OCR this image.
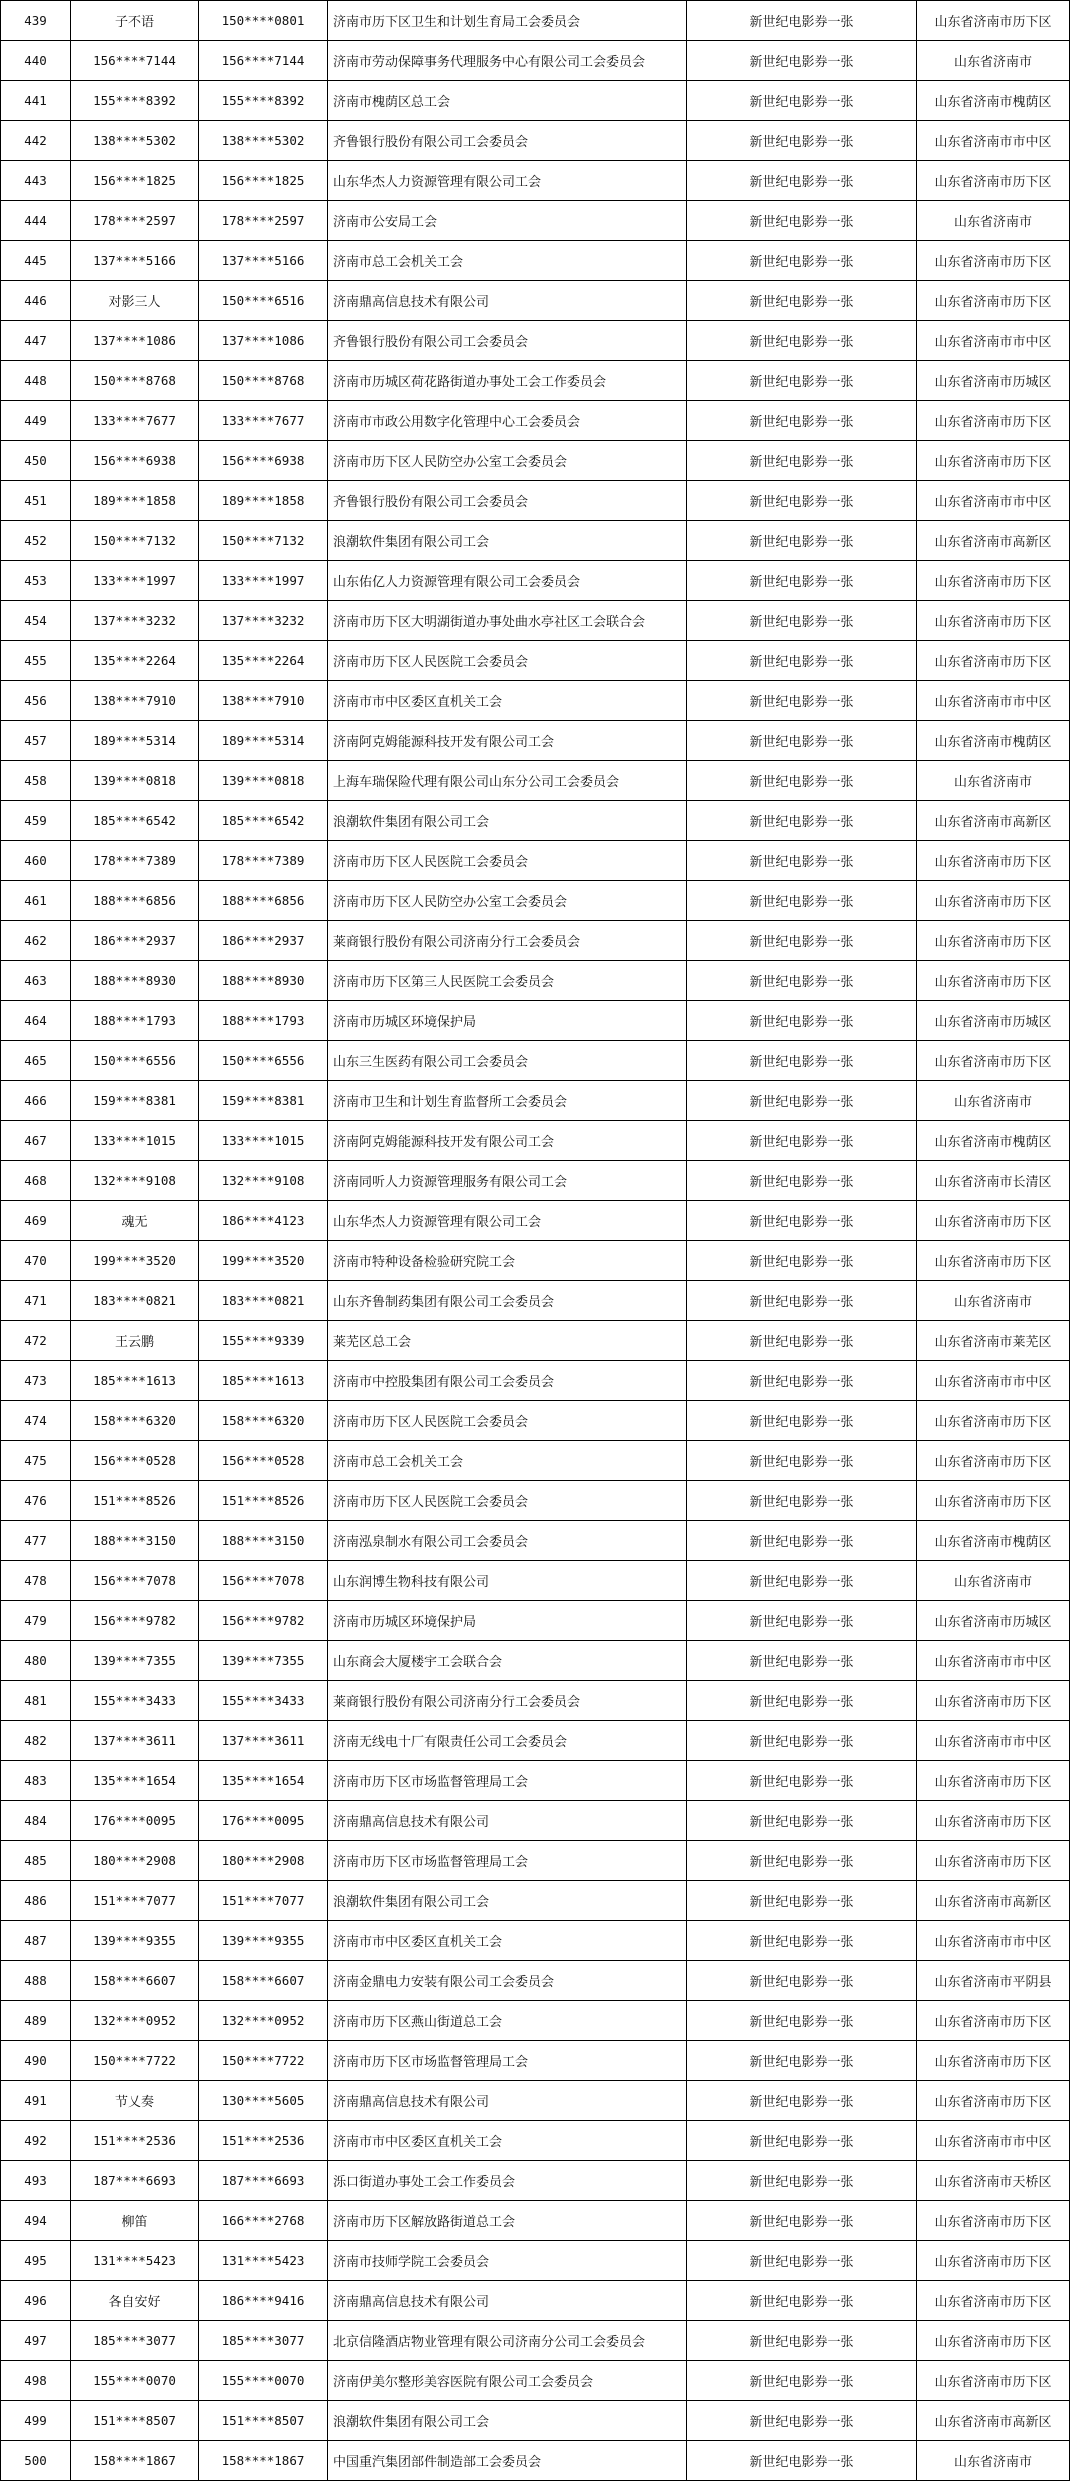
439	子不语	150****0801	济南市历下区卫生和计划生育局工会委员会	新世纪电影券一张	山东省济南市历下区
440	156****7144	156****7144	济南市劳动保障事务代理服务中心有限公司工会委员会	新世纪电影券一张	山东省济南市
441	155****8392	155****8392	济南市槐荫区总工会	新世纪电影券一张	山东省济南市槐荫区
442	138****5302	138****5302	齐鲁银行股份有限公司工会委员会	新世纪电影券一张	山东省济南市市中区
443	156****1825	156****1825	山东华杰人力资源管理有限公司工会	新世纪电影券一张	山东省济南市历下区
444	178****2597	178****2597	济南市公安局工会	新世纪电影券一张	山东省济南市
445	137****5166	137****5166	济南市总工会机关工会	新世纪电影券一张	山东省济南市历下区
446	对影三人	150****6516	济南鼎高信息技术有限公司	新世纪电影券一张	山东省济南市历下区
447	137****1086	137****1086	齐鲁银行股份有限公司工会委员会	新世纪电影券一张	山东省济南市市中区
448	150****8768	150****8768	济南市历城区荷花路街道办事处工会工作委员会	新世纪电影券一张	山东省济南市历城区
449	133****7677	133****7677	济南市市政公用数字化管理中心工会委员会	新世纪电影券一张	山东省济南市历下区
450	156****6938	156****6938	济南市历下区人民防空办公室工会委员会	新世纪电影券一张	山东省济南市历下区
451	189****1858	189****1858	齐鲁银行股份有限公司工会委员会	新世纪电影券一张	山东省济南市市中区
452	150****7132	150****7132	浪潮软件集团有限公司工会	新世纪电影券一张	山东省济南市高新区
453	133****1997	133****1997	山东佑亿人力资源管理有限公司工会委员会	新世纪电影券一张	山东省济南市历下区
454	137****3232	137****3232	济南市历下区大明湖街道办事处曲水亭社区工会联合会	新世纪电影券一张	山东省济南市历下区
455	135****2264	135****2264	济南市历下区人民医院工会委员会	新世纪电影券一张	山东省济南市历下区
456	138****7910	138****7910	济南市市中区委区直机关工会	新世纪电影券一张	山东省济南市市中区
457	189****5314	189****5314	济南阿克姆能源科技开发有限公司工会	新世纪电影券一张	山东省济南市槐荫区
458	139****0818	139****0818	上海车瑞保险代理有限公司山东分公司工会委员会	新世纪电影券一张	山东省济南市
459	185****6542	185****6542	浪潮软件集团有限公司工会	新世纪电影券一张	山东省济南市高新区
460	178****7389	178****7389	济南市历下区人民医院工会委员会	新世纪电影券一张	山东省济南市历下区
461	188****6856	188****6856	济南市历下区人民防空办公室工会委员会	新世纪电影券一张	山东省济南市历下区
462	186****2937	186****2937	莱商银行股份有限公司济南分行工会委员会	新世纪电影券一张	山东省济南市历下区
463	188****8930	188****8930	济南市历下区第三人民医院工会委员会	新世纪电影券一张	山东省济南市历下区
464	188****1793	188****1793	济南市历城区环境保护局	新世纪电影券一张	山东省济南市历城区
465	150****6556	150****6556	山东三生医药有限公司工会委员会	新世纪电影券一张	山东省济南市历下区
466	159****8381	159****8381	济南市卫生和计划生育监督所工会委员会	新世纪电影券一张	山东省济南市
467	133****1015	133****1015	济南阿克姆能源科技开发有限公司工会	新世纪电影券一张	山东省济南市槐荫区
468	132****9108	132****9108	济南同听人力资源管理服务有限公司工会	新世纪电影券一张	山东省济南市长清区
469	魂无	186****4123	山东华杰人力资源管理有限公司工会	新世纪电影券一张	山东省济南市历下区
470	199****3520	199****3520	济南市特种设备检验研究院工会	新世纪电影券一张	山东省济南市历下区
471	183****0821	183****0821	山东齐鲁制药集团有限公司工会委员会	新世纪电影券一张	山东省济南市
472	王云鹏	155****9339	莱芜区总工会	新世纪电影券一张	山东省济南市莱芜区
473	185****1613	185****1613	济南市中控股集团有限公司工会委员会	新世纪电影券一张	山东省济南市市中区
474	158****6320	158****6320	济南市历下区人民医院工会委员会	新世纪电影券一张	山东省济南市历下区
475	156****0528	156****0528	济南市总工会机关工会	新世纪电影券一张	山东省济南市历下区
476	151****8526	151****8526	济南市历下区人民医院工会委员会	新世纪电影券一张	山东省济南市历下区
477	188****3150	188****3150	济南泓泉制水有限公司工会委员会	新世纪电影券一张	山东省济南市槐荫区
478	156****7078	156****7078	山东润博生物科技有限公司	新世纪电影券一张	山东省济南市
479	156****9782	156****9782	济南市历城区环境保护局	新世纪电影券一张	山东省济南市历城区
480	139****7355	139****7355	山东商会大厦楼宇工会联合会	新世纪电影券一张	山东省济南市市中区
481	155****3433	155****3433	莱商银行股份有限公司济南分行工会委员会	新世纪电影券一张	山东省济南市历下区
482	137****3611	137****3611	济南无线电十厂有限责任公司工会委员会	新世纪电影券一张	山东省济南市市中区
483	135****1654	135****1654	济南市历下区市场监督管理局工会	新世纪电影券一张	山东省济南市历下区
484	176****0095	176****0095	济南鼎高信息技术有限公司	新世纪电影券一张	山东省济南市历下区
485	180****2908	180****2908	济南市历下区市场监督管理局工会	新世纪电影券一张	山东省济南市历下区
486	151****7077	151****7077	浪潮软件集团有限公司工会	新世纪电影券一张	山东省济南市高新区
487	139****9355	139****9355	济南市市中区委区直机关工会	新世纪电影券一张	山东省济南市市中区
488	158****6607	158****6607	济南金鼎电力安装有限公司工会委员会	新世纪电影券一张	山东省济南市平阴县
489	132****0952	132****0952	济南市历下区燕山街道总工会	新世纪电影券一张	山东省济南市历下区
490	150****7722	150****7722	济南市历下区市场监督管理局工会	新世纪电影券一张	山东省济南市历下区
491	节乂奏	130****5605	济南鼎高信息技术有限公司	新世纪电影券一张	山东省济南市历下区
492	151****2536	151****2536	济南市市中区委区直机关工会	新世纪电影券一张	山东省济南市市中区
493	187****6693	187****6693	泺口街道办事处工会工作委员会	新世纪电影券一张	山东省济南市天桥区
494	柳笛	166****2768	济南市历下区解放路街道总工会	新世纪电影券一张	山东省济南市历下区
495	131****5423	131****5423	济南市技师学院工会委员会	新世纪电影券一张	山东省济南市历下区
496	各自安好	186****9416	济南鼎高信息技术有限公司	新世纪电影券一张	山东省济南市历下区
497	185****3077	185****3077	北京信隆酒店物业管理有限公司济南分公司工会委员会	新世纪电影券一张	山东省济南市历下区
498	155****0070	155****0070	济南伊美尔整形美容医院有限公司工会委员会	新世纪电影券一张	山东省济南市历下区
499	151****8507	151****8507	浪潮软件集团有限公司工会	新世纪电影券一张	山东省济南市高新区
500	158****1867	158****1867	中国重汽集团部件制造部工会委员会	新世纪电影券一张	山东省济南市
